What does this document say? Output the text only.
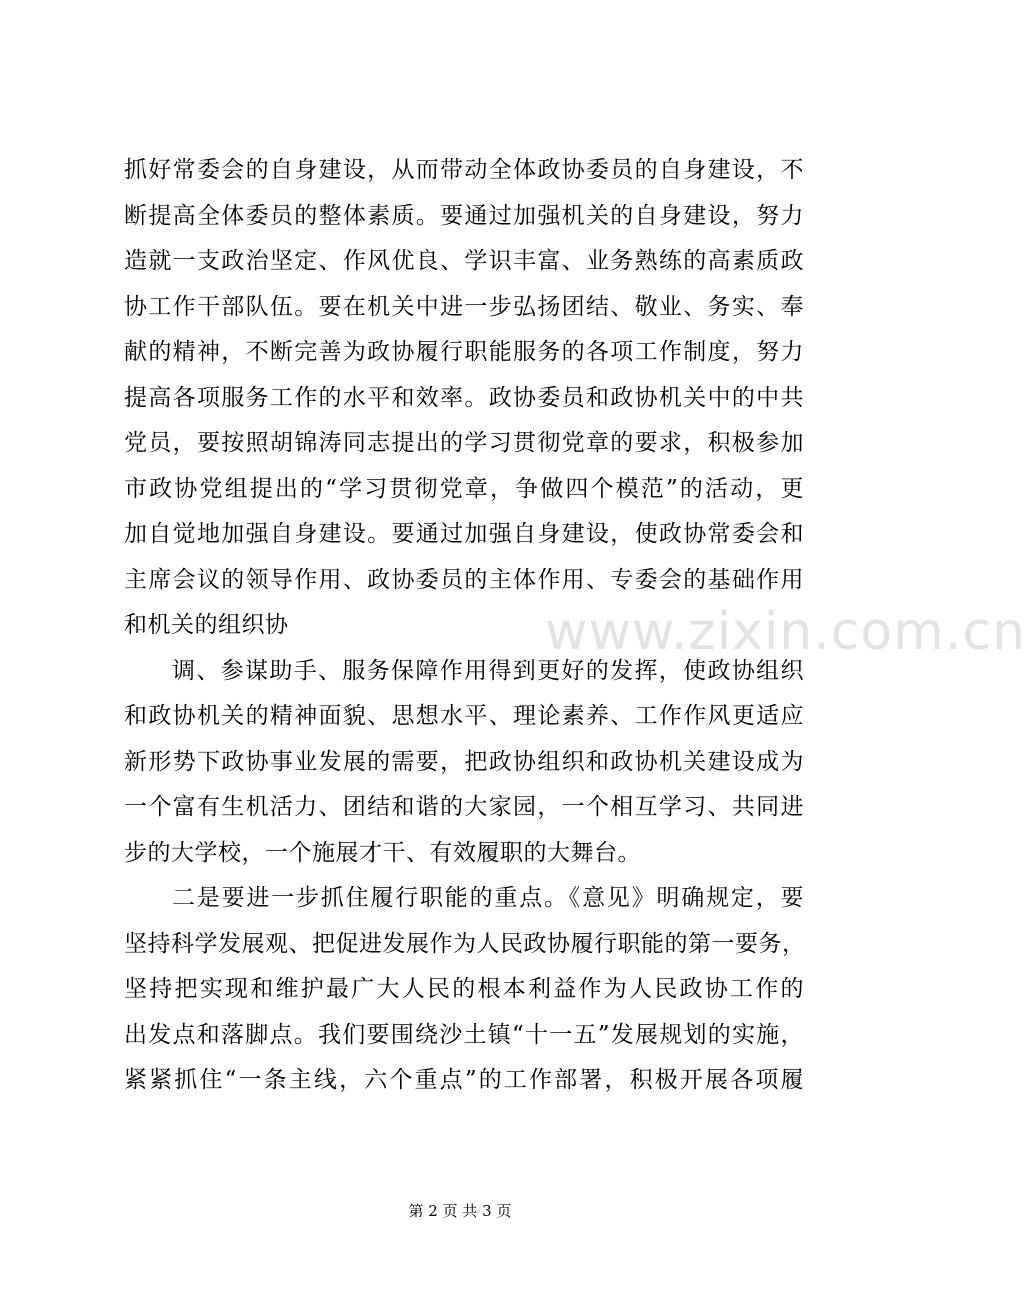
抓好常委会的自身建设，从而带动全体政协委员的自身建设，不
断提高全体委员的整体素质。要通过加强机关的自身建设，努力
造就一支政治坚定、作风优良、学识丰富、业务熟练的高素质政
协工作干部队伍。要在机关中进一步弘扬团结、敬业、务实、奉
献的精神，不断完善为政协履行职能服务的各项工作制度，努力
提高各项服务工作的水平和效率。政协委员和政协机关中的中共
党员，要按照胡锦涛同志提出的学习贯彻党章的要求，积极参加
市政协党组提出的“学习贯彻党章，争做四个模范”的活动，更
加自觉地加强自身建设。要通过加强自身建设，使政协常委会和
主席会议的领导作用、政协委员的主体作用、专委会的基础作用
和机关的组织协
调、参谋助手、服务保障作用得到更好的发挥，使政协组织
和政协机关的精神面貌、思想水平、理论素养、工作作风更适应
新形势下政协事业发展的需要，把政协组织和政协机关建设成为
一个富有生机活力、团结和谐的大家园，一个相互学习、共同进
步的大学校，一个施展才干、有效履职的大舞台。
二是要进一步抓住履行职能的重点。《意见》明确规定，要
坚持科学发展观、把促进发展作为人民政协履行职能的第一要务，
坚持把实现和维护最广大人民的根本利益作为人民政协工作的
出发点和落脚点。我们要围绕沙土镇“十一五”发展规划的实施，
紧紧抓住“一条主线，六个重点”的工作部署，积极开展各项履
www.zixin.com.cn
第 2 页 共 3 页
